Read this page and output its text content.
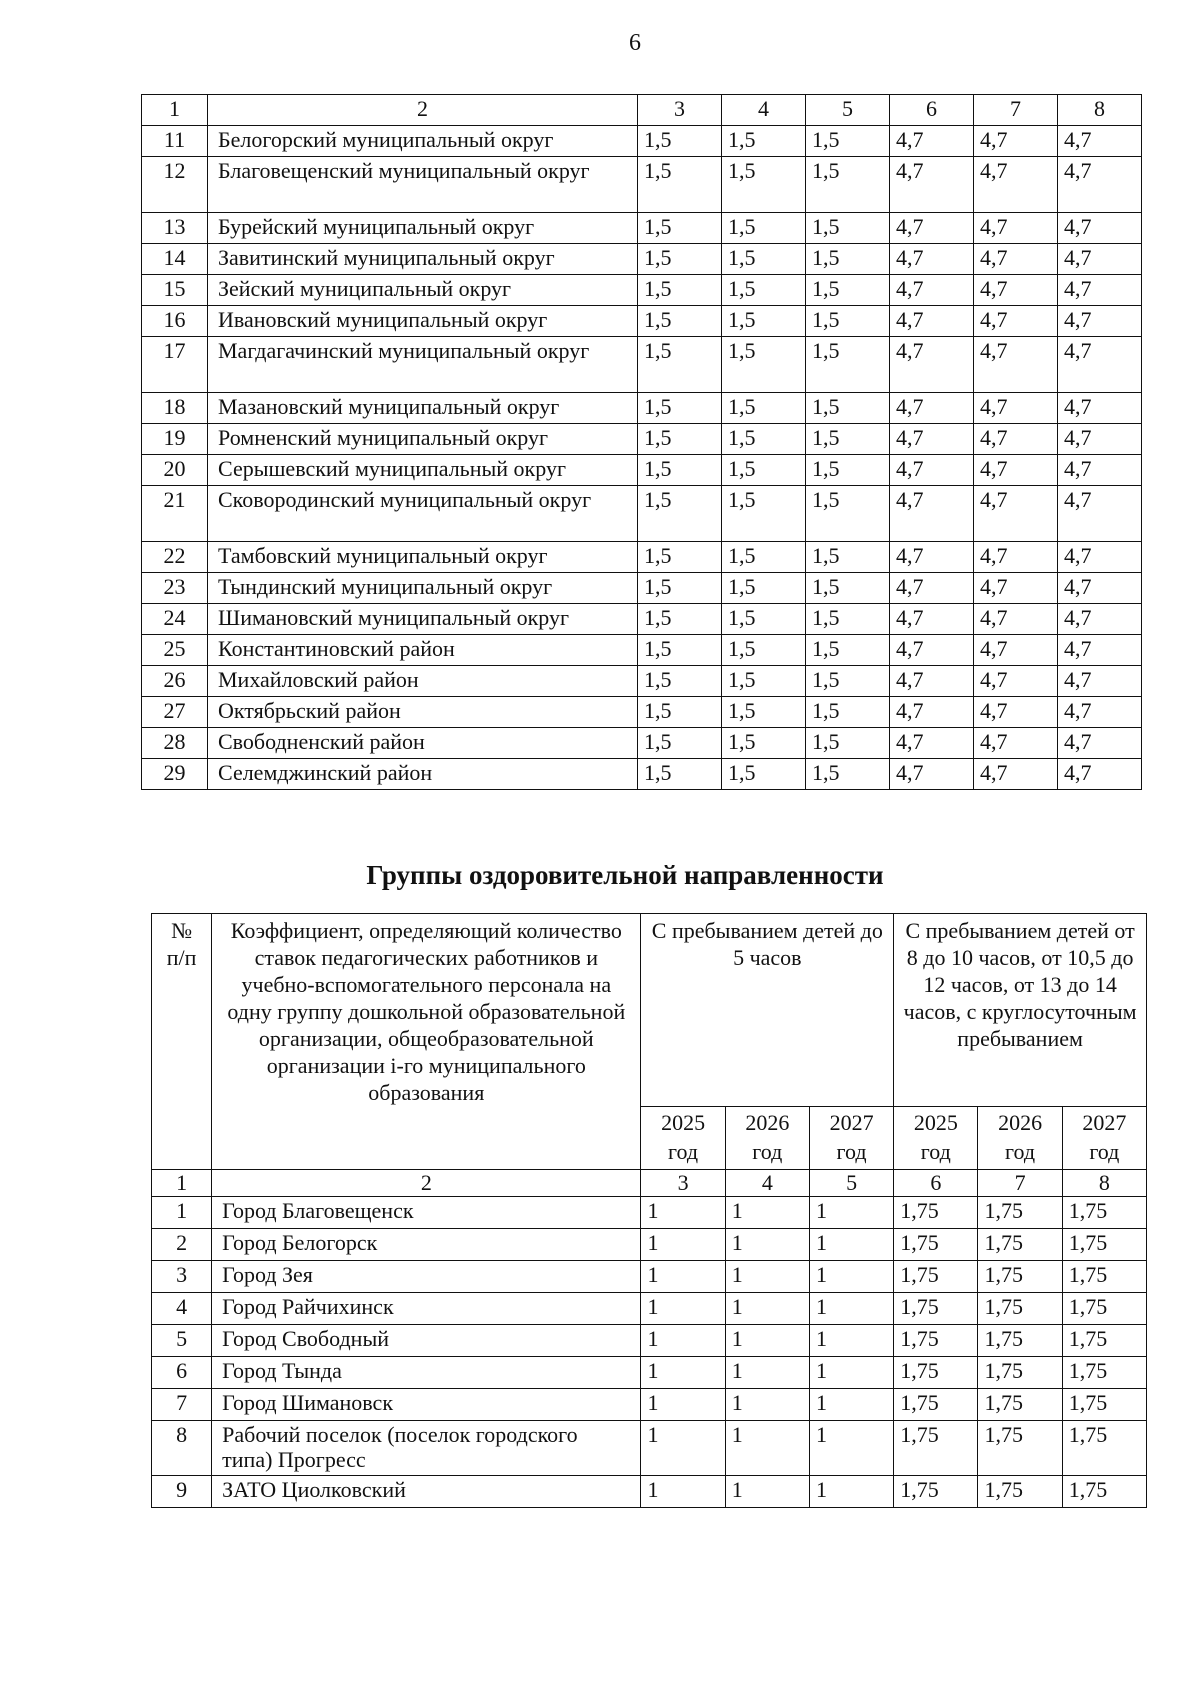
6
1	2	3	4	5	6	7	8
11	Белогорский муниципальный округ	1,5	1,5	1,5	4,7	4,7	4,7
12	Благовещенский муниципальный округ	1,5	1,5	1,5	4,7	4,7	4,7
13	Бурейский муниципальный округ	1,5	1,5	1,5	4,7	4,7	4,7
14	Завитинский муниципальный округ	1,5	1,5	1,5	4,7	4,7	4,7
15	Зейский муниципальный округ	1,5	1,5	1,5	4,7	4,7	4,7
16	Ивановский муниципальный округ	1,5	1,5	1,5	4,7	4,7	4,7
17	Магдагачинский муниципальный округ	1,5	1,5	1,5	4,7	4,7	4,7
18	Мазановский муниципальный округ	1,5	1,5	1,5	4,7	4,7	4,7
19	Ромненский муниципальный округ	1,5	1,5	1,5	4,7	4,7	4,7
20	Серышевский муниципальный округ	1,5	1,5	1,5	4,7	4,7	4,7
21	Сковородинский муниципальный округ	1,5	1,5	1,5	4,7	4,7	4,7
22	Тамбовский муниципальный округ	1,5	1,5	1,5	4,7	4,7	4,7
23	Тындинский муниципальный округ	1,5	1,5	1,5	4,7	4,7	4,7
24	Шимановский муниципальный округ	1,5	1,5	1,5	4,7	4,7	4,7
25	Константиновский район	1,5	1,5	1,5	4,7	4,7	4,7
26	Михайловский район	1,5	1,5	1,5	4,7	4,7	4,7
27	Октябрьский район	1,5	1,5	1,5	4,7	4,7	4,7
28	Свободненский район	1,5	1,5	1,5	4,7	4,7	4,7
29	Селемджинский район	1,5	1,5	1,5	4,7	4,7	4,7
Группы оздоровительной направленности
№ п/п	Коэффициент, определяющий количество ставок педагогических работников и учебно-вспомогательного персонала на одну группу дошкольной образовательной организации, общеобразовательной организации i-го муниципального образования	С пребыванием детей до 5 часов			С пребыванием детей от 8 до 10 часов, от 10,5 до 12 часов, от 13 до 14 часов, с круглосуточным пребыванием		
		2025 год	2026 год	2027 год	2025 год	2026 год	2027 год
1	2	3	4	5	6	7	8
1	Город Благовещенск	1	1	1	1,75	1,75	1,75
2	Город Белогорск	1	1	1	1,75	1,75	1,75
3	Город Зея	1	1	1	1,75	1,75	1,75
4	Город Райчихинск	1	1	1	1,75	1,75	1,75
5	Город Свободный	1	1	1	1,75	1,75	1,75
6	Город Тында	1	1	1	1,75	1,75	1,75
7	Город Шимановск	1	1	1	1,75	1,75	1,75
8	Рабочий поселок (поселок городского типа) Прогресс	1	1	1	1,75	1,75	1,75
9	ЗАТО Циолковский	1	1	1	1,75	1,75	1,75
